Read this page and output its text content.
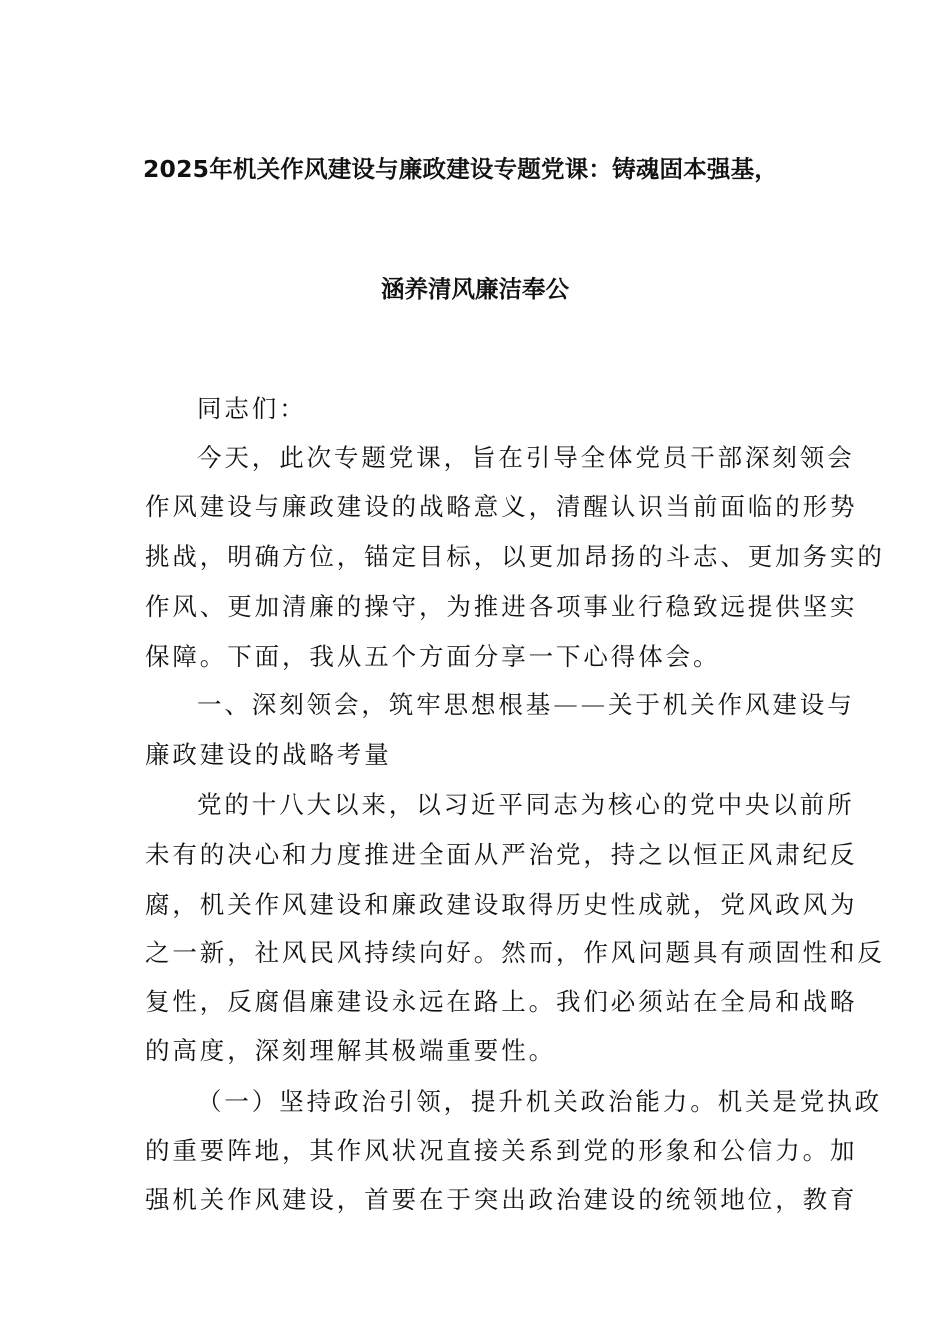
2025年机关作风建设与廉政建设专题党课：铸魂固本强基，
涵养清风廉洁奉公
同志们：
今天，此次专题党课，旨在引导全体党员干部深刻领会
作风建设与廉政建设的战略意义，清醒认识当前面临的形势
挑战，明确方位，锚定目标，以更加昂扬的斗志、更加务实的
作风、更加清廉的操守，为推进各项事业行稳致远提供坚实
保障。下面，我从五个方面分享一下心得体会。
一、深刻领会，筑牢思想根基——关于机关作风建设与
廉政建设的战略考量
党的十八大以来，以习近平同志为核心的党中央以前所
未有的决心和力度推进全面从严治党，持之以恒正风肃纪反
腐，机关作风建设和廉政建设取得历史性成就，党风政风为
之一新，社风民风持续向好。然而，作风问题具有顽固性和反
复性，反腐倡廉建设永远在路上。我们必须站在全局和战略
的高度，深刻理解其极端重要性。
（一）坚持政治引领，提升机关政治能力。机关是党执政
的重要阵地，其作风状况直接关系到党的形象和公信力。加
强机关作风建设，首要在于突出政治建设的统领地位，教育
